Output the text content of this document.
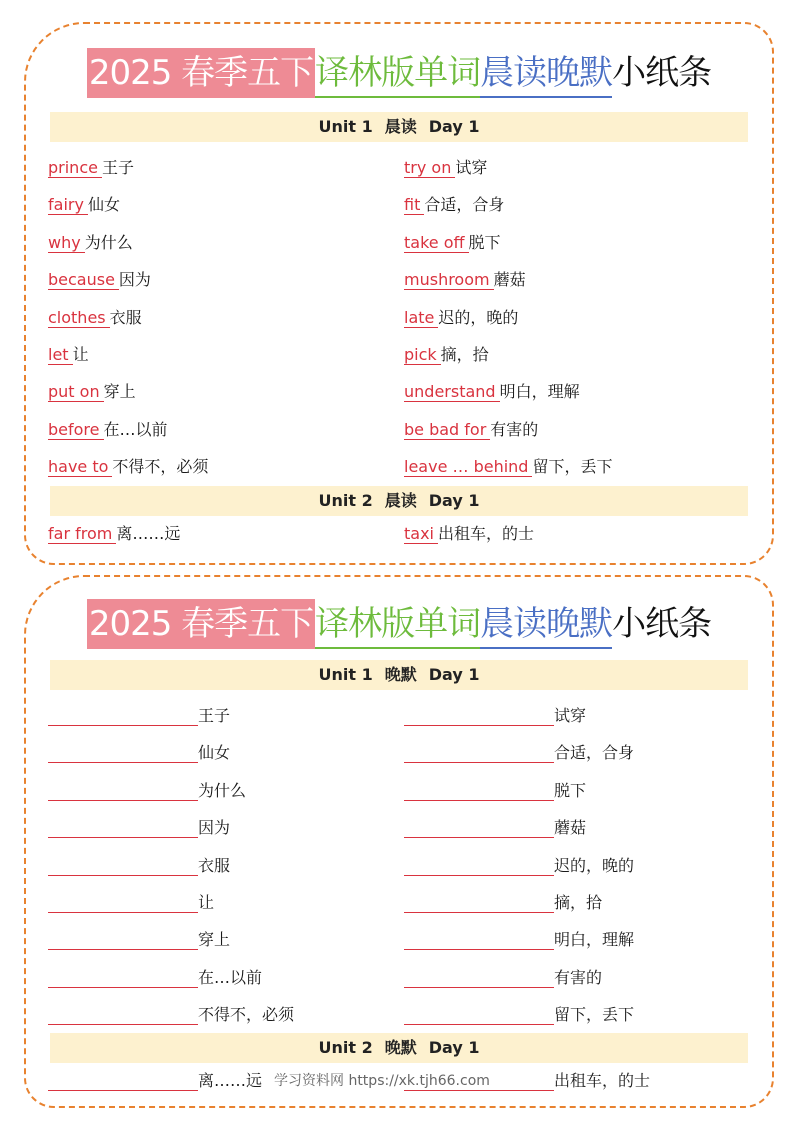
2025 春季五下译林版单词晨读晚默小纸条
Unit 1 晨读 Day 1
prince 王子
fairy 仙女
why 为什么
because 因为
clothes 衣服
let 让
put on 穿上
before 在…以前
have to 不得不，必须
try on 试穿
fit 合适，合身
take off 脱下
mushroom 蘑菇
late 迟的，晚的
pick 摘，拾
understand 明白，理解
be bad for 有害的
leave … behind 留下，丢下
Unit 2 晨读 Day 1
far from 离……远	taxi 出租车，的士
2025 春季五下译林版单词晨读晚默小纸条
Unit 1 晚默 Day 1
王子
仙女
为什么
因为
衣服
让
穿上
在…以前
不得不，必须
试穿
合适，合身
脱下
蘑菇
迟的，晚的
摘，拾
明白，理解
有害的
留下，丢下
Unit 2 晚默 Day 1
离……远	出租车，的士
学习资料网 https://xk.tjh66.com
